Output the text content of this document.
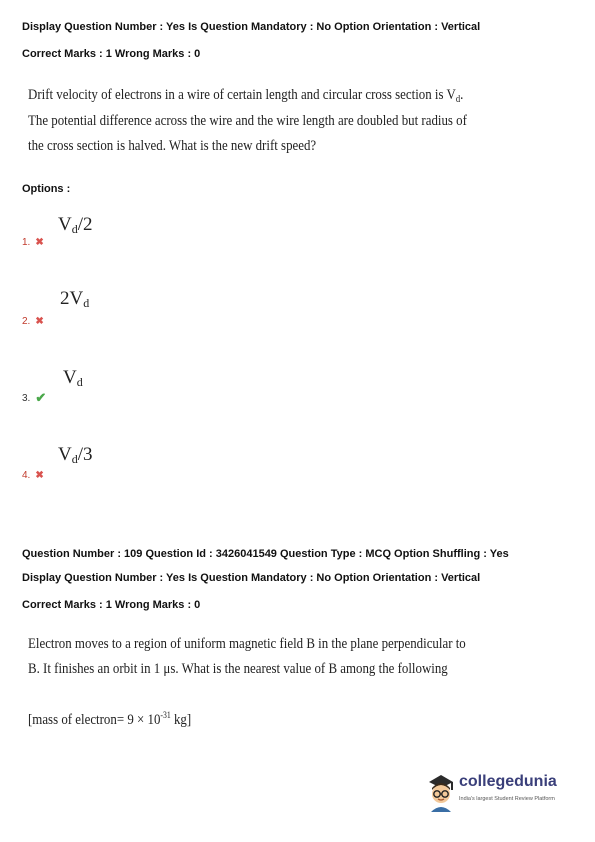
Display Question Number : Yes Is Question Mandatory : No Option Orientation : Vertical
Correct Marks : 1 Wrong Marks : 0
Drift velocity of electrons in a wire of certain length and circular cross section is $V_d$.
The potential difference across the wire and the wire length are doubled but radius of
the cross section is halved. What is the new drift speed?
Options :
Vd/2
1. ✖
2Vd
2. ✖
Vd
3. ✔
Vd/3
4. ✖
Question Number : 109 Question Id : 3426041549 Question Type : MCQ Option Shuffling : Yes
Display Question Number : Yes Is Question Mandatory : No Option Orientation : Vertical
Correct Marks : 1 Wrong Marks : 0
Electron moves to a region of uniform magnetic field B in the plane perpendicular to
B. It finishes an orbit in 1 μs. What is the nearest value of B among the following
[mass of electron= $9 \times 10^{-31}$ kg]
collegedunia
India's largest Student Review Platform
